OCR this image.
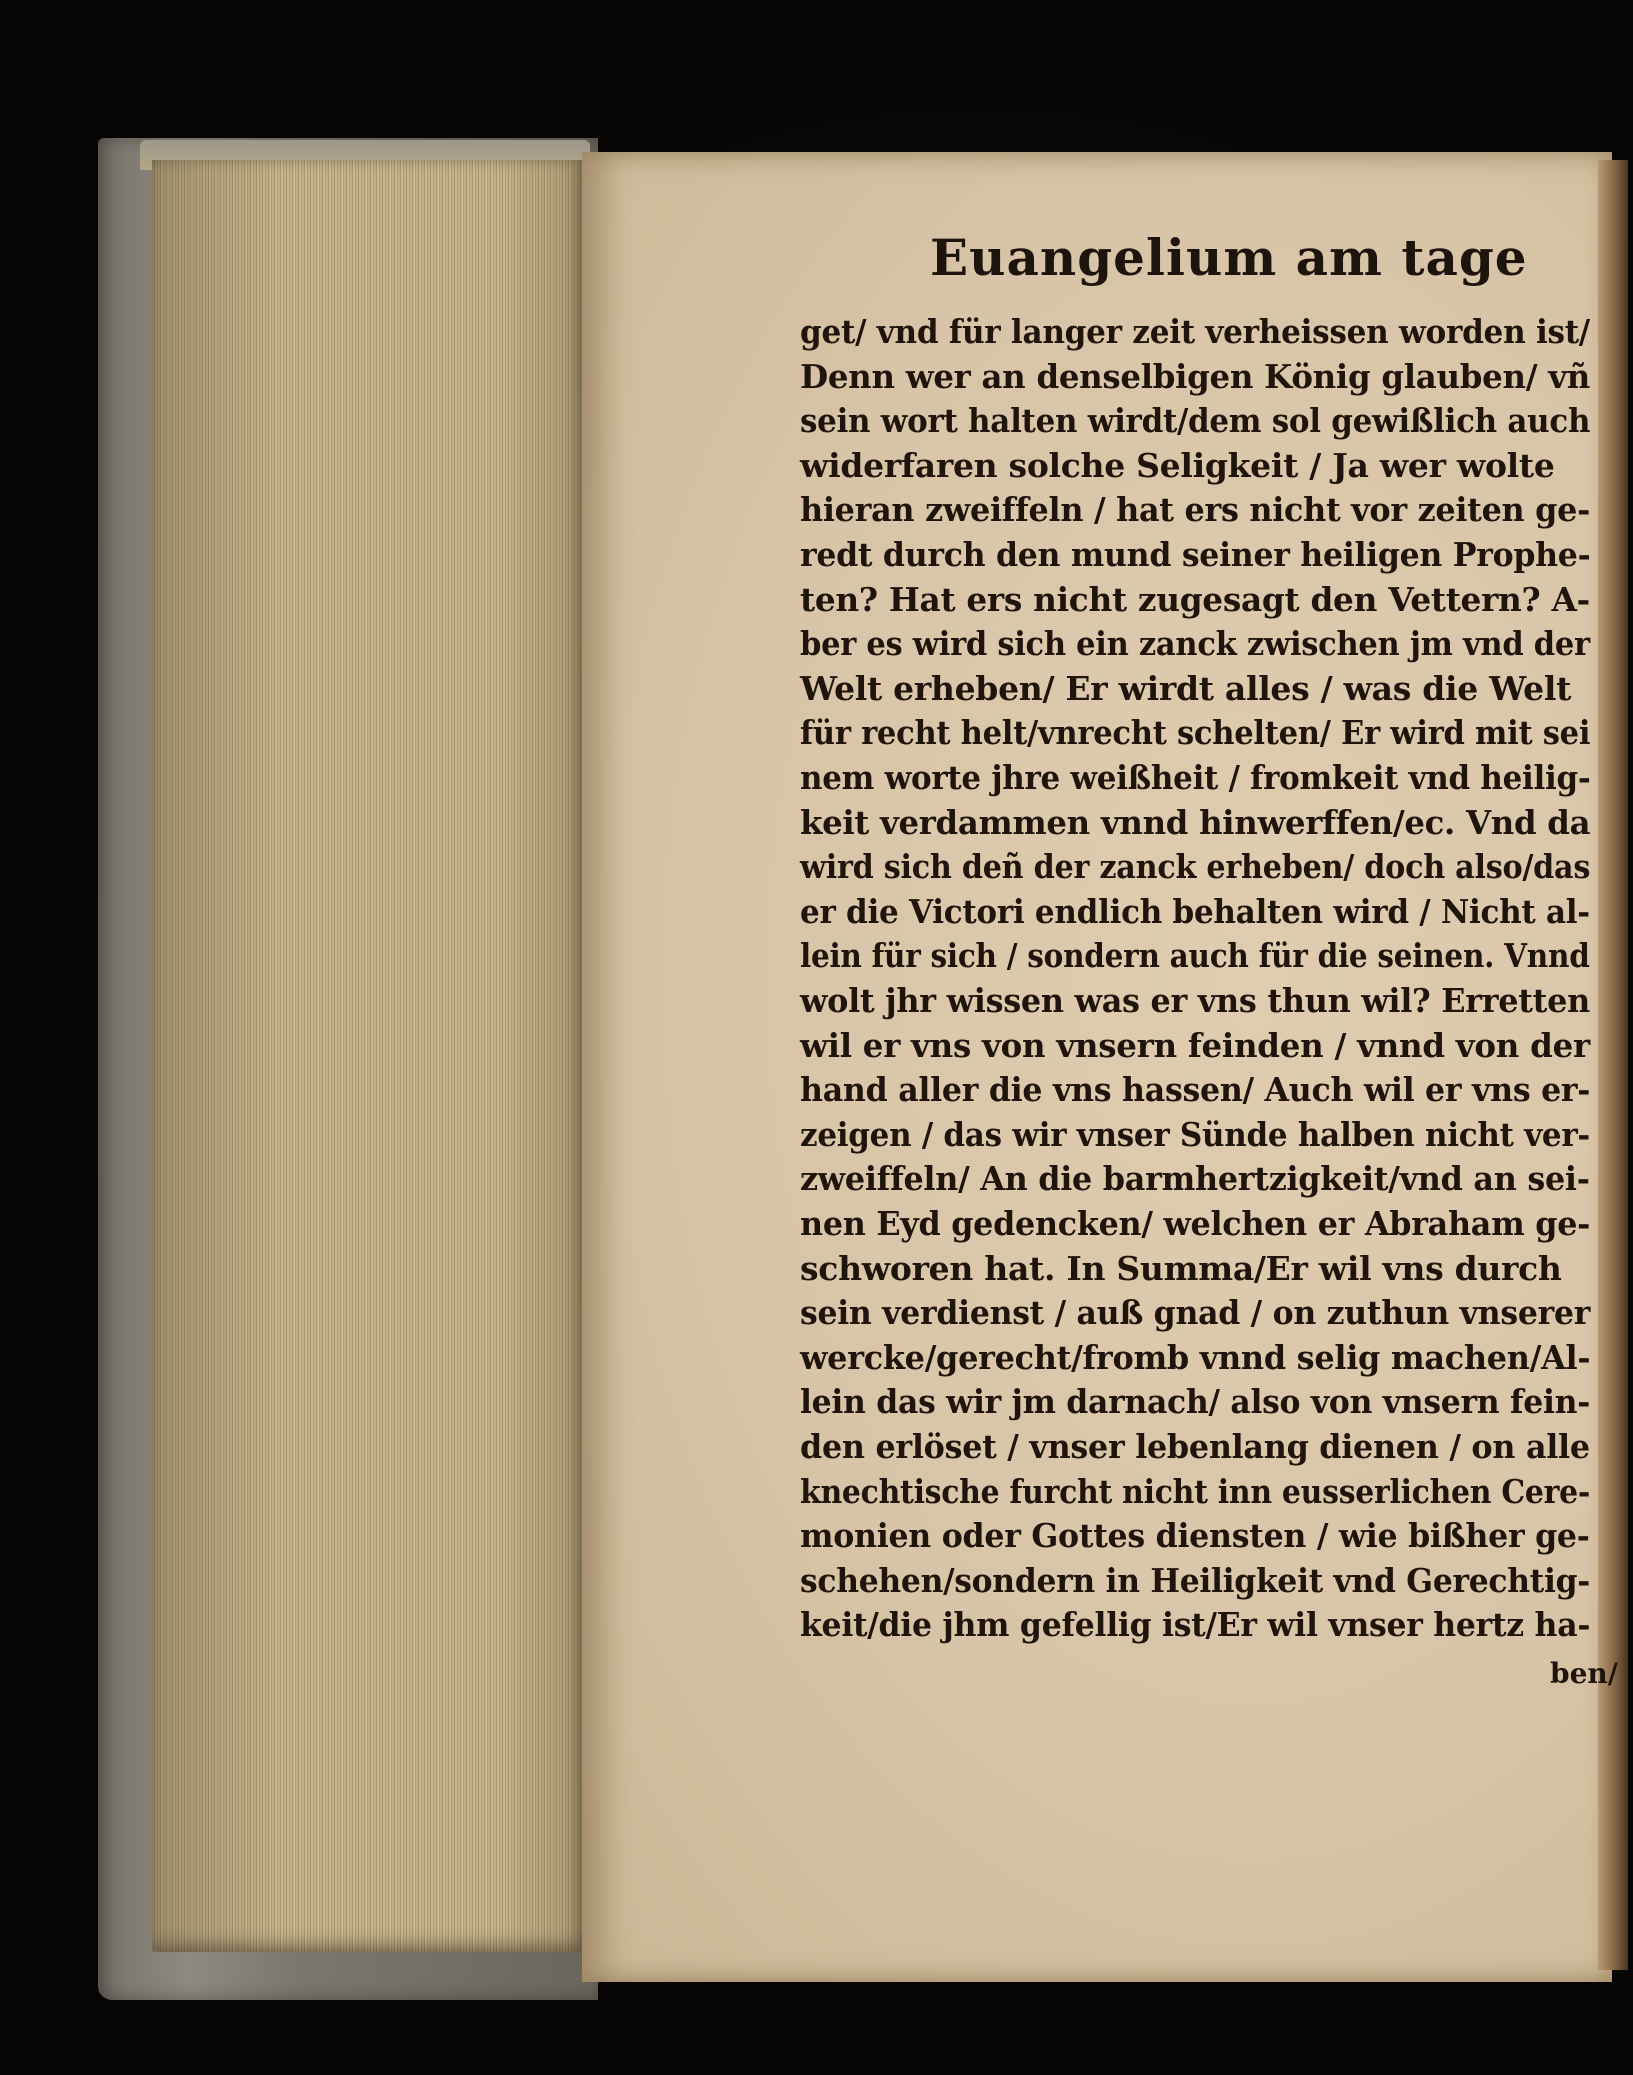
Euangelium am tage
get/ vnd für langer zeit verheissen worden ist/
Denn wer an denselbigen König glauben/ vñ
sein wort halten wirdt/dem sol gewißlich auch
widerfaren solche Seligkeit / Ja wer wolte
hieran zweiffeln / hat ers nicht vor zeiten ge-
redt durch den mund seiner heiligen Prophe-
ten? Hat ers nicht zugesagt den Vettern? A-
ber es wird sich ein zanck zwischen jm vnd der
Welt erheben/ Er wirdt alles / was die Welt
für recht helt/vnrecht schelten/ Er wird mit sei
nem worte jhre weißheit / fromkeit vnd heilig-
keit verdammen vnnd hinwerffen/ec. Vnd da
wird sich deñ der zanck erheben/ doch also/das
er die Victori endlich behalten wird / Nicht al-
lein für sich / sondern auch für die seinen. Vnnd
wolt jhr wissen was er vns thun wil? Erretten
wil er vns von vnsern feinden / vnnd von der
hand aller die vns hassen/ Auch wil er vns er-
zeigen / das wir vnser Sünde halben nicht ver-
zweiffeln/ An die barmhertzigkeit/vnd an sei-
nen Eyd gedencken/ welchen er Abraham ge-
schworen hat. In Summa/Er wil vns durch
sein verdienst / auß gnad / on zuthun vnserer
wercke/gerecht/fromb vnnd selig machen/Al-
lein das wir jm darnach/ also von vnsern fein-
den erlöset / vnser lebenlang dienen / on alle
knechtische furcht nicht inn eusserlichen Cere-
monien oder Gottes diensten / wie bißher ge-
schehen/sondern in Heiligkeit vnd Gerechtig-
keit/die jhm gefellig ist/Er wil vnser hertz ha-
ben/
